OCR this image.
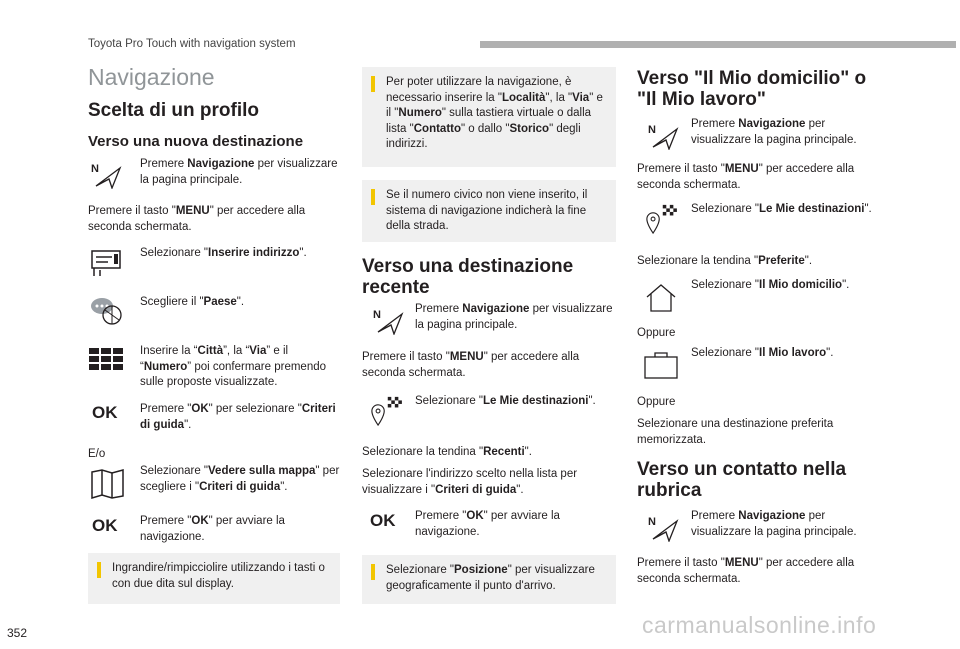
Toyota Pro Touch with navigation system
Navigazione
Scelta di un profilo
Verso una nuova destinazione
N	Premere Navigazione per visualizzare la pagina principale.
Premere il tasto "MENU" per accedere alla seconda schermata.
Selezionare "Inserire indirizzo".
Scegliere il "Paese".
Inserire la “Città”, la “Via” e il “Numero” poi confermare premendo sulle proposte visualizzate.
OK Premere "OK" per selezionare "Criteri di guida".
E/o
Selezionare "Vedere sulla mappa" per scegliere i "Criteri di guida".
OK Premere "OK" per avviare la navigazione.
Ingrandire/rimpicciolire utilizzando i tasti o con due dita sul display.
Per poter utilizzare la navigazione, è necessario inserire la "Località", la "Via" e il "Numero" sulla tastiera virtuale o dalla lista "Contatto" o dallo "Storico" degli indirizzi.
Se il numero civico non viene inserito, il sistema di navigazione indicherà la fine della strada.
Verso una destinazione recente
N	Premere Navigazione per visualizzare la pagina principale.
Premere il tasto "MENU" per accedere alla seconda schermata.
Selezionare "Le Mie destinazioni".
Selezionare la tendina "Recenti".
Selezionare l'indirizzo scelto nella lista per visualizzare i "Criteri di guida".
OK Premere "OK" per avviare la navigazione.
Selezionare "Posizione" per visualizzare geograficamente il punto d'arrivo.
Verso "Il Mio domicilio" o "Il Mio lavoro"
N	Premere Navigazione per visualizzare la pagina principale.
Premere il tasto "MENU" per accedere alla seconda schermata.
Selezionare "Le Mie destinazioni".
Selezionare la tendina "Preferite".
Selezionare "Il Mio domicilio".
Oppure
Selezionare "Il Mio lavoro".
Oppure
Selezionare una destinazione preferita memorizzata.
Verso un contatto nella rubrica
N	Premere Navigazione per visualizzare la pagina principale.
Premere il tasto "MENU" per accedere alla seconda schermata.
352	carmanualsonline.info
